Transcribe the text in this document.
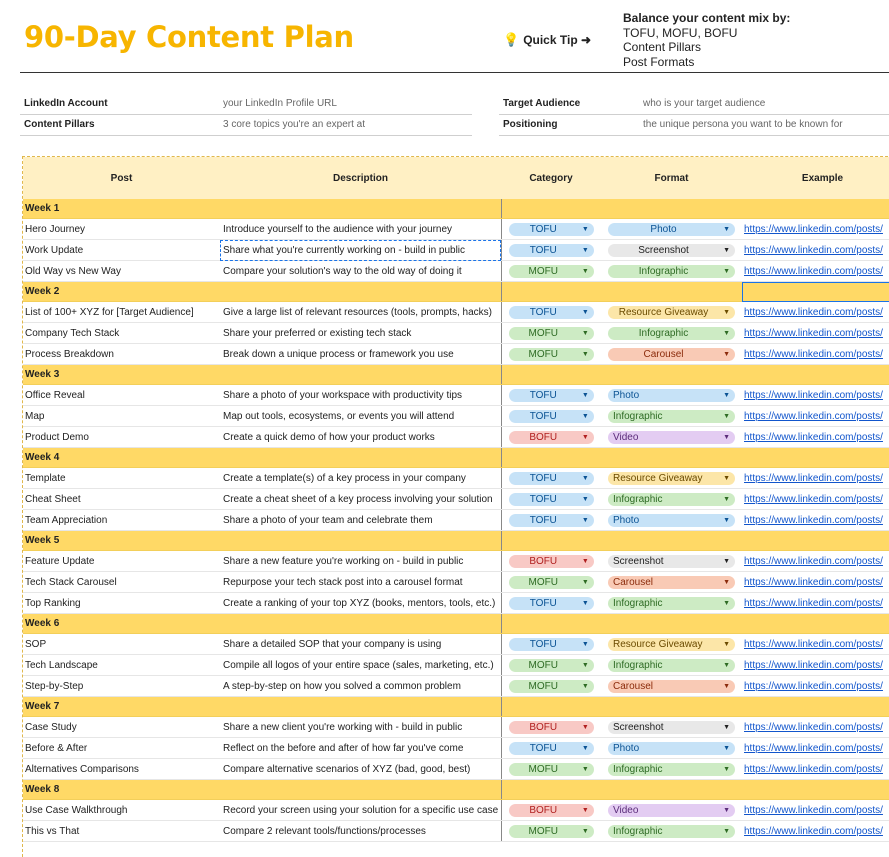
90-Day Content Plan	💡 Quick Tip ➜
Balance your content mix by:
TOFU, MOFU, BOFU
Content Pillars
Post Formats
LinkedIn Account	your LinkedIn Profile URL
Content Pillars	3 core topics you're an expert at
Target Audience	who is your target audience
Positioning	the unique persona you want to be known for
Post	Description	Category	Format	Example
Week 1				
Hero Journey	Introduce yourself to the audience with your journey	TOFU ▼	Photo ▼	https://www.linkedin.com/posts/
Work Update	Share what you're currently working on - build in public	TOFU ▼	Screenshot ▼	https://www.linkedin.com/posts/
Old Way vs New Way	Compare your solution's way to the old way of doing it	MOFU ▼	Infographic ▼	https://www.linkedin.com/posts/
Week 2				
List of 100+ XYZ for [Target Audience]	Give a large list of relevant resources (tools, prompts, hacks)	TOFU ▼	Resource Giveaway ▼	https://www.linkedin.com/posts/
Company Tech Stack	Share your preferred or existing tech stack	MOFU ▼	Infographic ▼	https://www.linkedin.com/posts/
Process Breakdown	Break down a unique process or framework you use	MOFU ▼	Carousel ▼	https://www.linkedin.com/posts/
Week 3				
Office Reveal	Share a photo of your workspace with productivity tips	TOFU ▼	Photo ▼	https://www.linkedin.com/posts/
Map	Map out tools, ecosystems, or events you will attend	TOFU ▼	Infographic ▼	https://www.linkedin.com/posts/
Product Demo	Create a quick demo of how your product works	BOFU ▼	Video ▼	https://www.linkedin.com/posts/
Week 4				
Template	Create a template(s) of a key process in your company	TOFU ▼	Resource Giveaway ▼	https://www.linkedin.com/posts/
Cheat Sheet	Create a cheat sheet of a key process involving your solution	TOFU ▼	Infographic ▼	https://www.linkedin.com/posts/
Team Appreciation	Share a photo of your team and celebrate them	TOFU ▼	Photo ▼	https://www.linkedin.com/posts/
Week 5				
Feature Update	Share a new feature you're working on - build in public	BOFU ▼	Screenshot ▼	https://www.linkedin.com/posts/
Tech Stack Carousel	Repurpose your tech stack post into a carousel format	MOFU ▼	Carousel ▼	https://www.linkedin.com/posts/
Top Ranking	Create a ranking of your top XYZ (books, mentors, tools, etc.)	TOFU ▼	Infographic ▼	https://www.linkedin.com/posts/
Week 6				
SOP	Share a detailed SOP that your company is using	TOFU ▼	Resource Giveaway ▼	https://www.linkedin.com/posts/
Tech Landscape	Compile all logos of your entire space (sales, marketing, etc.)	MOFU ▼	Infographic ▼	https://www.linkedin.com/posts/
Step-by-Step	A step-by-step on how you solved a common problem	MOFU ▼	Carousel ▼	https://www.linkedin.com/posts/
Week 7				
Case Study	Share a new client you're working with - build in public	BOFU ▼	Screenshot ▼	https://www.linkedin.com/posts/
Before & After	Reflect on the before and after of how far you've come	TOFU ▼	Photo ▼	https://www.linkedin.com/posts/
Alternatives Comparisons	Compare alternative scenarios of XYZ (bad, good, best)	MOFU ▼	Infographic ▼	https://www.linkedin.com/posts/
Week 8				
Use Case Walkthrough	Record your screen using your solution for a specific use case	BOFU ▼	Video ▼	https://www.linkedin.com/posts/
This vs That	Compare 2 relevant tools/functions/processes	MOFU ▼	Infographic ▼	https://www.linkedin.com/posts/
